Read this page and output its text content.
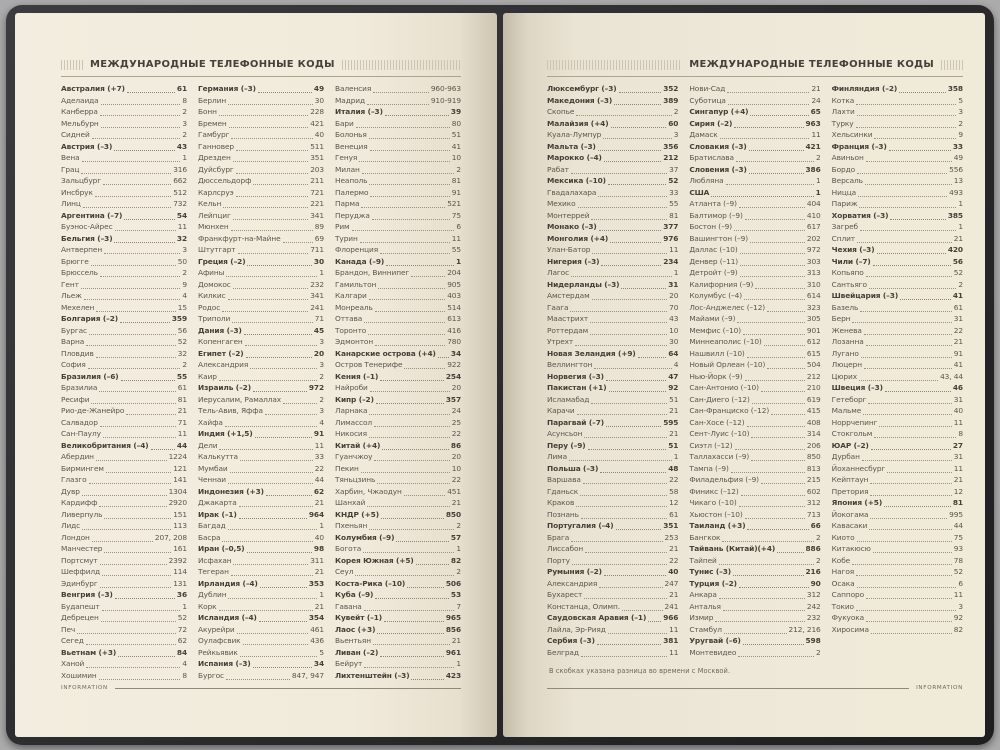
МЕЖДУНАРОДНЫЕ ТЕЛЕФОННЫЕ КОДЫ
Австралия (+7)	61
Аделаида	8
Канберра	2
Мельбурн	3
Сидней	2
Австрия (–3)	43
Вена	1
Грац	316
Зальцбург	662
Инсбрук	512
Линц	732
Аргентина (–7)	54
Буэнос-Айрес	11
Бельгия (–3)	32
Антверпен	3
Брюгге	50
Брюссель	2
Гент	9
Льеж	4
Мехелен	15
Болгария (–2)	359
Бургас	56
Варна	52
Пловдив	32
София	2
Бразилия (–6)	55
Бразилиа	61
Ресифи	81
Рио-де-Жанейро	21
Салвадор	71
Сан-Паулу	11
Великобритания (–4)	44
Абердин	1224
Бирмингем	121
Глазго	141
Дувр	1304
Кардифф	2920
Ливерпуль	151
Лидс	113
Лондон	207, 208
Манчестер	161
Портсмут	2392
Шеффилд	114
Эдинбург	131
Венгрия (–3)	36
Будапешт	1
Дебрецен	52
Печ	72
Сегед	62
Вьетнам (+3)	84
Ханой	4
Хошимин	8
Германия (–3)	49
Берлин	30
Бонн	228
Бремен	421
Гамбург	40
Ганновер	511
Дрезден	351
Дуйсбург	203
Дюссельдорф	211
Карлсруэ	721
Кельн	221
Лейпциг	341
Мюнхен	89
Франкфурт-на-Майне	69
Штутгарт	711
Греция (–2)	30
Афины	1
Домокос	232
Килкис	341
Родос	241
Триполи	71
Дания (–3)	45
Копенгаген	3
Египет (–2)	20
Александрия	3
Каир	2
Израиль (–2)	972
Иерусалим, Рамаллах	2
Тель-Авив, Яффа	3
Хайфа	4
Индия (+1,5)	91
Дели	11
Калькутта	33
Мумбаи	22
Ченнаи	44
Индонезия (+3)	62
Джакарта	21
Ирак (–1)	964
Багдад	1
Басра	40
Иран (–0,5)	98
Исфахан	311
Тегеран	21
Ирландия (–4)	353
Дублин	1
Корк	21
Исландия (–4)	354
Акурейри	461
Оулафсвик	436
Рейкьявик	5
Испания (–3)	34
Бургос	847, 947
Валенсия	960-963
Мадрид	910-919
Италия (–3)	39
Бари	80
Болонья	51
Венеция	41
Генуя	10
Милан	2
Неаполь	81
Палермо	91
Парма	521
Перуджа	75
Рим	6
Турин	11
Флоренция	55
Канада (–9)	1
Брандон, Виннипег	204
Гамильтон	905
Калгари	403
Монреаль	514
Оттава	613
Торонто	416
Эдмонтон	780
Канарские острова (+4) 34
Остров Тенерифе	922
Кения (–1)	254
Найроби	20
Кипр (–2)	357
Ларнака	24
Лимассол	25
Никосия	22
Китай (+4)	86
Гуанчжоу	20
Пекин	10
Тяньцзинь	22
Харбин, Чжаодун	451
Шанхай	21
КНДР (+5)	850
Пхеньян	2
Колумбия (–9)	57
Богота	1
Корея Южная (+5)	82
Сеул	2
Коста-Рика (–10)	506
Куба (–9)	53
Гавана	7
Кувейт (–1)	965
Лаос (+3)	856
Вьентьян	21
Ливан (–2)	961
Бейрут	1
Лихтенштейн (–3)	423
INFORMATION
МЕЖДУНАРОДНЫЕ ТЕЛЕФОННЫЕ КОДЫ
Люксембург (–3)	352
Македония (–3)	389
Скопье	2
Малайзия (+4)	60
Куала-Лумпур	3
Мальта (–3)	356
Марокко (–4)	212
Рабат	37
Мексика (–10)	52
Гвадалахара	33
Мехико	55
Монтеррей	81
Монако (–3)	377
Монголия (+4)	976
Улан-Батор	11
Нигерия (–3)	234
Лагос	1
Нидерланды (–3)	31
Амстердам	20
Гаага	70
Маастрихт	43
Роттердам	10
Утрехт	30
Новая Зеландия (+9)	64
Веллингтон	4
Норвегия (–3)	47
Пакистан (+1)	92
Исламабад	51
Карачи	21
Парагвай (–7)	595
Асунсьон	21
Перу (–9)	51
Лима	1
Польша (–3)	48
Варшава	22
Гданьск	58
Краков	12
Познань	61
Португалия (–4)	351
Брага	253
Лиссабон	21
Порту	22
Румыния (–2)	40
Александрия	247
Бухарест	21
Констанца, Олимп.	241
Саудовская Аравия (–1) 966
Лайла, Эр-Рияд	11
Сербия (–3)	381
Белград	11
Нови-Сад	21
Суботица	24
Сингапур (+4)	65
Сирия (–2)	963
Дамаск	11
Словакия (–3)	421
Братислава	2
Словения (–3)	386
Любляна	1
США	1
Атланта (–9)	404
Балтимор (–9)	410
Бостон (–9)	617
Вашингтон (–9)	202
Даллас (–10)	972
Денвер (–11)	303
Детройт (–9)	313
Калифорния (–9)	310
Колумбус (–4)	614
Лос-Анджелес (–12)	323
Майами (–9)	305
Мемфис (–10)	901
Миннеаполис (–10)	612
Нашвилл (–10)	615
Новый Орлеан (–10)	504
Нью-Йорк (–9)	212
Сан-Антонио (–10)	210
Сан-Диего (–12)	619
Сан-Франциско (–12)	415
Сан-Хосе (–12)	408
Сент-Луис (–10)	314
Сиэтл (–12)	206
Таллахасси (–9)	850
Тампа (–9)	813
Филадельфия (–9)	215
Финикс (–12)	602
Чикаго (–10)	312
Хьюстон (–10)	713
Таиланд (+3)	66
Бангкок	2
Тайвань (Китай)(+4)	886
Тайпей	2
Тунис (–3)	216
Турция (–2)	90
Анкара	312
Анталья	242
Измир	232
Стамбул	212, 216
Уругвай (–6)	598
Монтевидео	2
Финляндия (–2)	358
Котка	5
Лахти	3
Турку	2
Хельсинки	9
Франция (–3)	33
Авиньон	49
Бордо	556
Версаль	13
Ницца	493
Париж	1
Хорватия (–3)	385
Загреб	1
Сплит	21
Чехия (–3)	420
Чили (–7)	56
Копьяпо	52
Сантьяго	2
Швейцария (–3)	41
Базель	61
Берн	31
Женева	22
Лозанна	21
Лугано	91
Люцерн	41
Цюрих	43, 44
Швеция (–3)	46
Гетеборг	31
Мальме	40
Норрчепинг	11
Стокгольм	8
ЮАР (–2)	27
Дурбан	31
Йоханнесбург	11
Кейптаун	21
Претория	12
Япония (+5)	81
Йокогама	995
Кавасаки	44
Киото	75
Китакюсю	93
Кобе	78
Нагоя	52
Осака	6
Саппоро	11
Токио	3
Фукуока	92
Хиросима	82
В скобках указана разница во времени с Москвой.
INFORMATION
